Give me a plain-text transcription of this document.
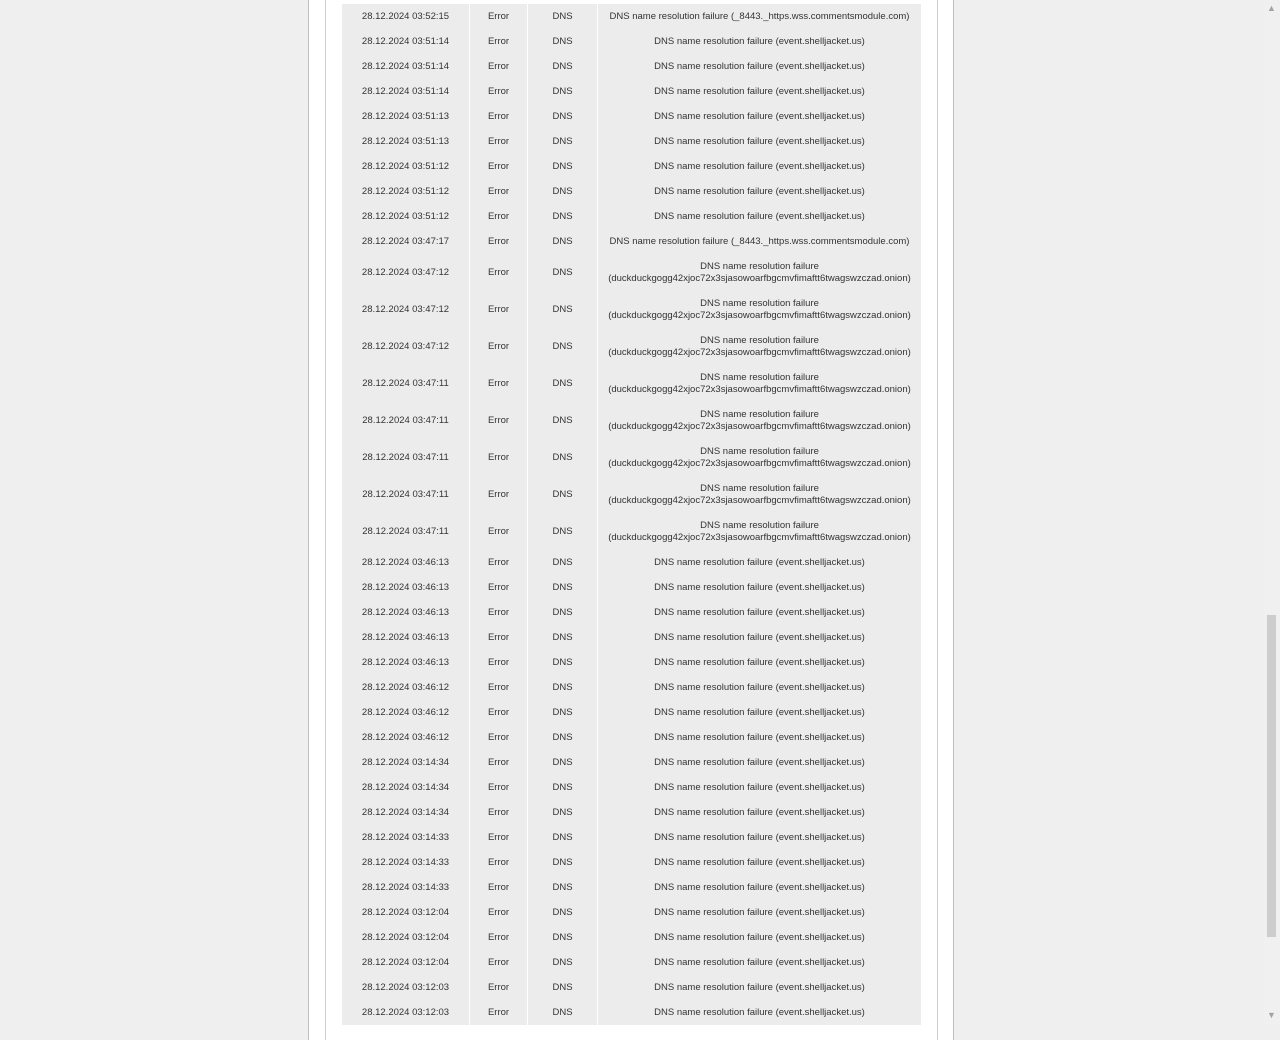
28.12.2024 03:52:15	Error	DNS	DNS name resolution failure (_8443._https.wss.commentsmodule.com)
28.12.2024 03:51:14	Error	DNS	DNS name resolution failure (event.shelljacket.us)
28.12.2024 03:51:14	Error	DNS	DNS name resolution failure (event.shelljacket.us)
28.12.2024 03:51:14	Error	DNS	DNS name resolution failure (event.shelljacket.us)
28.12.2024 03:51:13	Error	DNS	DNS name resolution failure (event.shelljacket.us)
28.12.2024 03:51:13	Error	DNS	DNS name resolution failure (event.shelljacket.us)
28.12.2024 03:51:12	Error	DNS	DNS name resolution failure (event.shelljacket.us)
28.12.2024 03:51:12	Error	DNS	DNS name resolution failure (event.shelljacket.us)
28.12.2024 03:51:12	Error	DNS	DNS name resolution failure (event.shelljacket.us)
28.12.2024 03:47:17	Error	DNS	DNS name resolution failure (_8443._https.wss.commentsmodule.com)
28.12.2024 03:47:12	Error	DNS	DNS name resolution failure
(duckduckgogg42xjoc72x3sjasowoarfbgcmvfimaftt6twagswzczad.onion)
28.12.2024 03:47:12	Error	DNS	DNS name resolution failure
(duckduckgogg42xjoc72x3sjasowoarfbgcmvfimaftt6twagswzczad.onion)
28.12.2024 03:47:12	Error	DNS	DNS name resolution failure
(duckduckgogg42xjoc72x3sjasowoarfbgcmvfimaftt6twagswzczad.onion)
28.12.2024 03:47:11	Error	DNS	DNS name resolution failure
(duckduckgogg42xjoc72x3sjasowoarfbgcmvfimaftt6twagswzczad.onion)
28.12.2024 03:47:11	Error	DNS	DNS name resolution failure
(duckduckgogg42xjoc72x3sjasowoarfbgcmvfimaftt6twagswzczad.onion)
28.12.2024 03:47:11	Error	DNS	DNS name resolution failure
(duckduckgogg42xjoc72x3sjasowoarfbgcmvfimaftt6twagswzczad.onion)
28.12.2024 03:47:11	Error	DNS	DNS name resolution failure
(duckduckgogg42xjoc72x3sjasowoarfbgcmvfimaftt6twagswzczad.onion)
28.12.2024 03:47:11	Error	DNS	DNS name resolution failure
(duckduckgogg42xjoc72x3sjasowoarfbgcmvfimaftt6twagswzczad.onion)
28.12.2024 03:46:13	Error	DNS	DNS name resolution failure (event.shelljacket.us)
28.12.2024 03:46:13	Error	DNS	DNS name resolution failure (event.shelljacket.us)
28.12.2024 03:46:13	Error	DNS	DNS name resolution failure (event.shelljacket.us)
28.12.2024 03:46:13	Error	DNS	DNS name resolution failure (event.shelljacket.us)
28.12.2024 03:46:13	Error	DNS	DNS name resolution failure (event.shelljacket.us)
28.12.2024 03:46:12	Error	DNS	DNS name resolution failure (event.shelljacket.us)
28.12.2024 03:46:12	Error	DNS	DNS name resolution failure (event.shelljacket.us)
28.12.2024 03:46:12	Error	DNS	DNS name resolution failure (event.shelljacket.us)
28.12.2024 03:14:34	Error	DNS	DNS name resolution failure (event.shelljacket.us)
28.12.2024 03:14:34	Error	DNS	DNS name resolution failure (event.shelljacket.us)
28.12.2024 03:14:34	Error	DNS	DNS name resolution failure (event.shelljacket.us)
28.12.2024 03:14:33	Error	DNS	DNS name resolution failure (event.shelljacket.us)
28.12.2024 03:14:33	Error	DNS	DNS name resolution failure (event.shelljacket.us)
28.12.2024 03:14:33	Error	DNS	DNS name resolution failure (event.shelljacket.us)
28.12.2024 03:12:04	Error	DNS	DNS name resolution failure (event.shelljacket.us)
28.12.2024 03:12:04	Error	DNS	DNS name resolution failure (event.shelljacket.us)
28.12.2024 03:12:04	Error	DNS	DNS name resolution failure (event.shelljacket.us)
28.12.2024 03:12:03	Error	DNS	DNS name resolution failure (event.shelljacket.us)
28.12.2024 03:12:03	Error	DNS	DNS name resolution failure (event.shelljacket.us)
▲
▼
